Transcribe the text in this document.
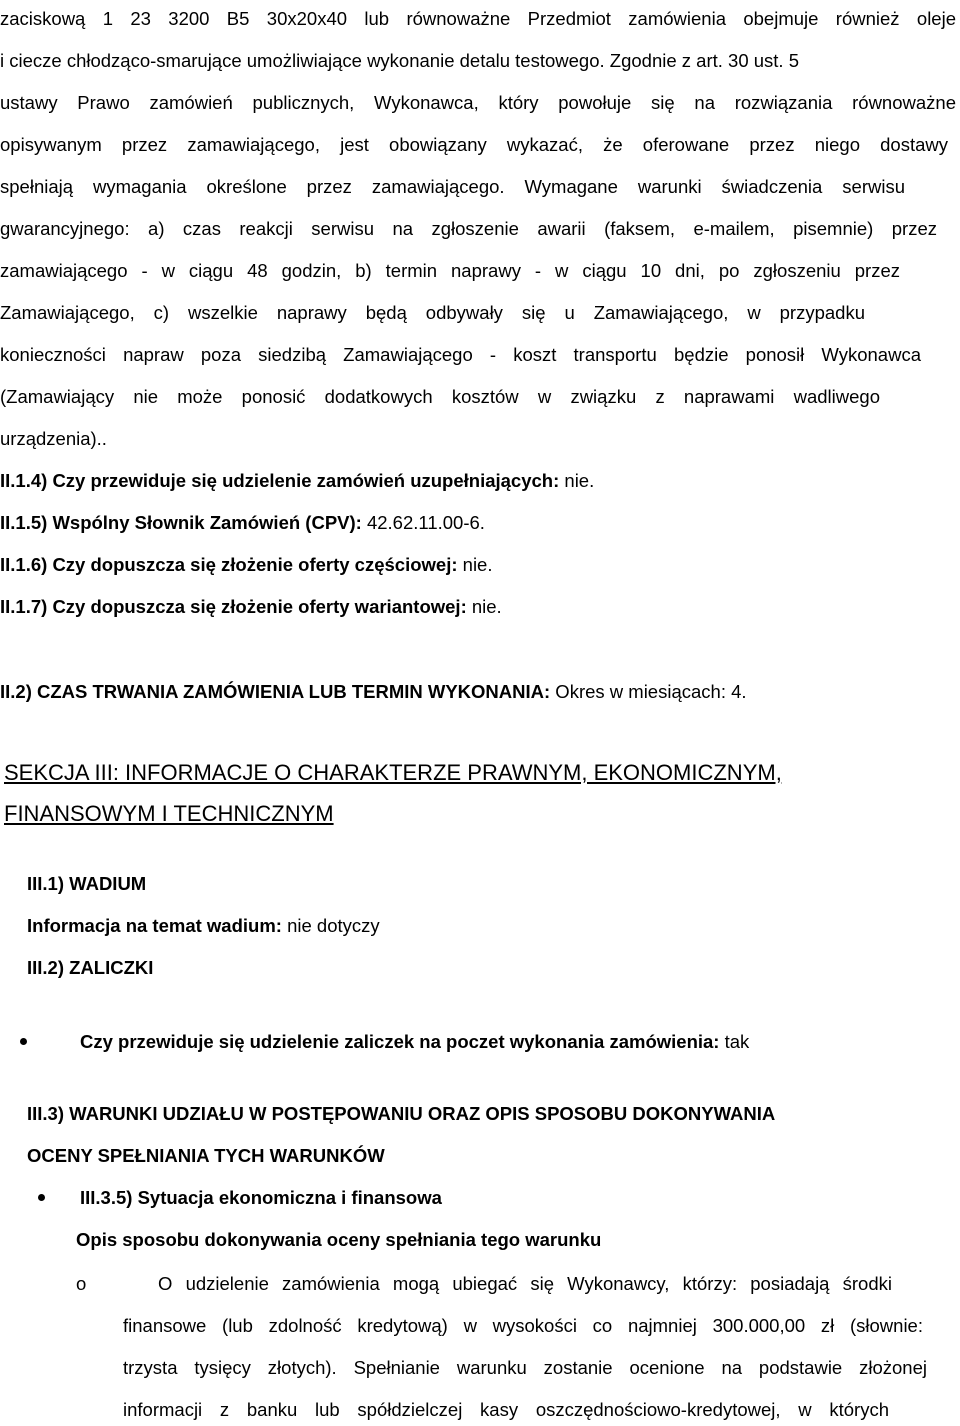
zaciskową 1 23 3200 B5 30x20x40 lub równoważne Przedmiot zamówienia obejmuje również oleje
i ciecze chłodząco-smarujące umożliwiające wykonanie detalu testowego. Zgodnie z art. 30 ust. 5
ustawy Prawo zamówień publicznych, Wykonawca, który powołuje się na rozwiązania równoważne
opisywanym przez zamawiającego, jest obowiązany wykazać, że oferowane przez niego dostawy
spełniają wymagania określone przez zamawiającego. Wymagane warunki świadczenia serwisu
gwarancyjnego: a) czas reakcji serwisu na zgłoszenie awarii (faksem, e-mailem, pisemnie) przez
zamawiającego - w ciągu 48 godzin, b) termin naprawy - w ciągu 10 dni, po zgłoszeniu przez
Zamawiającego, c) wszelkie naprawy będą odbywały się u Zamawiającego, w przypadku
konieczności napraw poza siedzibą Zamawiającego - koszt transportu będzie ponosił Wykonawca
(Zamawiający nie może ponosić dodatkowych kosztów w związku z naprawami wadliwego
urządzenia)..
II.1.4) Czy przewiduje się udzielenie zamówień uzupełniających: nie.
II.1.5) Wspólny Słownik Zamówień (CPV): 42.62.11.00-6.
II.1.6) Czy dopuszcza się złożenie oferty częściowej: nie.
II.1.7) Czy dopuszcza się złożenie oferty wariantowej: nie.
II.2) CZAS TRWANIA ZAMÓWIENIA LUB TERMIN WYKONANIA: Okres w miesiącach: 4.
SEKCJA III: INFORMACJE O CHARAKTERZE PRAWNYM, EKONOMICZNYM,
FINANSOWYM I TECHNICZNYM
III.1) WADIUM
Informacja na temat wadium: nie dotyczy
III.2) ZALICZKI
Czy przewiduje się udzielenie zaliczek na poczet wykonania zamówienia: tak
III.3) WARUNKI UDZIAŁU W POSTĘPOWANIU ORAZ OPIS SPOSOBU DOKONYWANIA
OCENY SPEŁNIANIA TYCH WARUNKÓW
III.3.5) Sytuacja ekonomiczna i finansowa
Opis sposobu dokonywania oceny spełniania tego warunku
o	O udzielenie zamówienia mogą ubiegać się Wykonawcy, którzy: posiadają środki
finansowe (lub zdolność kredytową) w wysokości co najmniej 300.000,00 zł (słownie:
trzysta tysięcy złotych). Spełnianie warunku zostanie ocenione na podstawie złożonej
informacji z banku lub spółdzielczej kasy oszczędnościowo-kredytowej, w których
